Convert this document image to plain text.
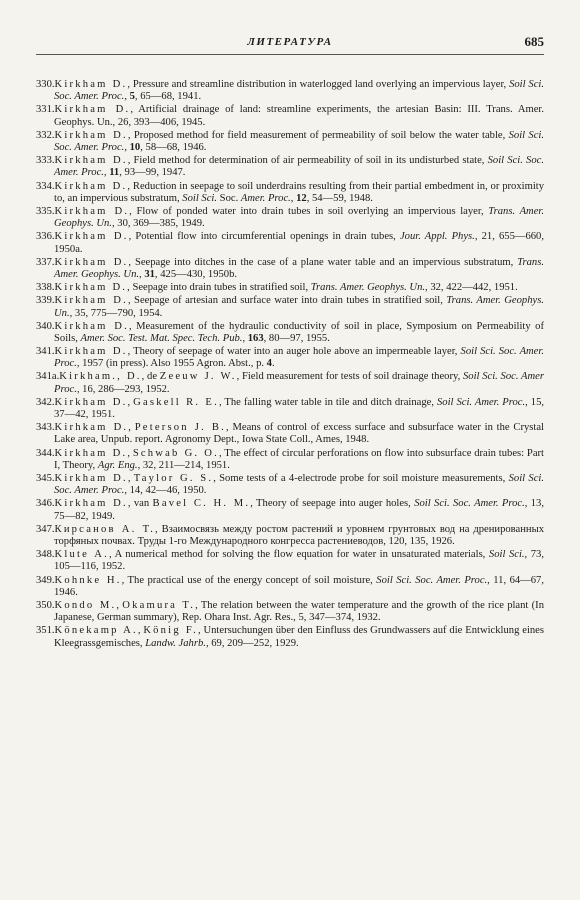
ЛИТЕРАТУРА	685

330.Kirkham D., Pressure and streamline distribution in waterlogged land overlying an impervious layer, Soil Sci. Soc. Amer. Proc., 5, 65—68, 1941.

331.Kirkham D., Artificial drainage of land: streamline experiments, the artesian Basin: III. Trans. Amer. Geophys. Un., 26, 393—406, 1945.

332.Kirkham D., Proposed method for field measurement of permeability of soil below the water table, Soil Sci. Soc. Amer. Proc., 10, 58—68, 1946.

333.Kirkham D., Field method for determination of air permeability of soil in its undisturbed state, Soil Sci. Soc. Amer. Proc., 11, 93—99, 1947.

334.Kirkham D., Reduction in seepage to soil underdrains resulting from their partial embedment in, or proximity to, an impervious substratum, Soil Sci. Soc. Amer. Proc., 12, 54—59, 1948.

335.Kirkham D., Flow of ponded water into drain tubes in soil overlying an impervious layer, Trans. Amer. Geophys. Un., 30, 369—385, 1949.

336.Kirkham D., Potential flow into circumferential openings in drain tubes, Jour. Appl. Phys., 21, 655—660, 1950a.

337.Kirkham D., Seepage into ditches in the case of a plane water table and an impervious substratum, Trans. Amer. Geophys. Un., 31, 425—430, 1950b.

338.Kirkham D., Seepage into drain tubes in stratified soil, Trans. Amer. Geophys. Un., 32, 422—442, 1951.

339.Kirkham D., Seepage of artesian and surface water into drain tubes in stratified soil, Trans. Amer. Geophys. Un., 35, 775—790, 1954.

340.Kirkham D., Measurement of the hydraulic conductivity of soil in place, Symposium on Permeability of Soils, Amer. Soc. Test. Mat. Spec. Tech. Pub., 163, 80—97, 1955.

341.Kirkham D., Theory of seepage of water into an auger hole above an impermeable layer, Soil Sci. Soc. Amer. Proc., 1957 (in press). Also 1955 Agron. Abst., p. 4.

341a.Kirkham., D., de Zeeuw J. W., Field measurement for tests of soil drainage theory, Soil Sci. Soc. Amer Proc., 16, 286—293, 1952.

342.Kirkham D., Gaskell R. E., The falling water table in tile and ditch drainage, Soil Sci. Amer. Proc., 15, 37—42, 1951.

343.Kirhkam D., Peterson J. B., Means of control of excess surface and subsurface water in the Crystal Lake area, Unpub. report. Agronomy Dept., Iowa State Coll., Ames, 1948.

344.Kirkham D., Schwab G. O., The effect of circular perforations on flow into subsurface drain tubes: Part I, Theory, Agr. Eng., 32, 211—214, 1951.

345.Kirkham D., Taylor G. S., Some tests of a 4-electrode probe for soil moisture measurements, Soil Sci. Soc. Amer. Proc., 14, 42—46, 1950.

346.Kirkham D., van Bavel C. H. M., Theory of seepage into auger holes, Soil Sci. Soc. Amer. Proc., 13, 75—82, 1949.

347.Кирсанов А. Т., Взаимосвязь между ростом растений и уровнем грунтовых вод на дренированных торфяных почвах. Труды 1-го Международного конгресса растениеводов, 120, 135, 1926.

348.Klute A., A numerical method for solving the flow equation for water in unsaturated materials, Soil Sci., 73, 105—116, 1952.

349.Kohnke H., The practical use of the energy concept of soil moisture, Soil Sci. Soc. Amer. Proc., 11, 64—67, 1946.

350.Kondo M., Okamura T., The relation between the water temperature and the growth of the rice plant (In Japanese, German summary), Rep. Ohara Inst. Agr. Res., 5, 347—374, 1932.

351.Könekamp A., König F., Untersuchungen über den Einfluss des Grundwassers auf die Entwicklung eines Kleegrassgemisches, Landw. Jahrb., 69, 209—252, 1929.
